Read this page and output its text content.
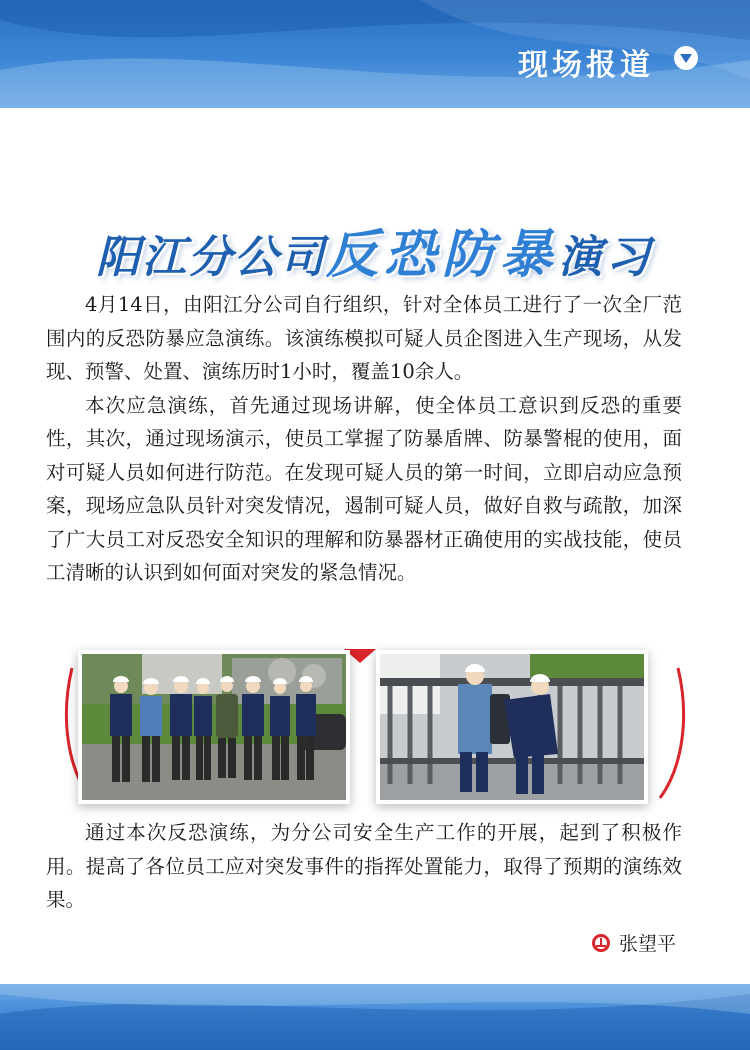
现场报道
阳江分公司反恐防暴演习

4月14日，由阳江分公司自行组织，针对全体员工进行了一次全厂范围内的反恐防暴应急演练。该演练模拟可疑人员企图进入生产现场，从发现、预警、处置、演练历时1小时，覆盖10余人。

本次应急演练，首先通过现场讲解，使全体员工意识到反恐的重要性，其次，通过现场演示，使员工掌握了防暴盾牌、防暴警棍的使用，面对可疑人员如何进行防范。在发现可疑人员的第一时间，立即启动应急预案，现场应急队员针对突发情况，遏制可疑人员，做好自救与疏散，加深了广大员工对反恐安全知识的理解和防暴器材正确使用的实战技能，使员工清晰的认识到如何面对突发的紧急情况。

通过本次反恐演练，为分公司安全生产工作的开展，起到了积极作用。提高了各位员工应对突发事件的指挥处置能力，取得了预期的演练效果。

张望平
